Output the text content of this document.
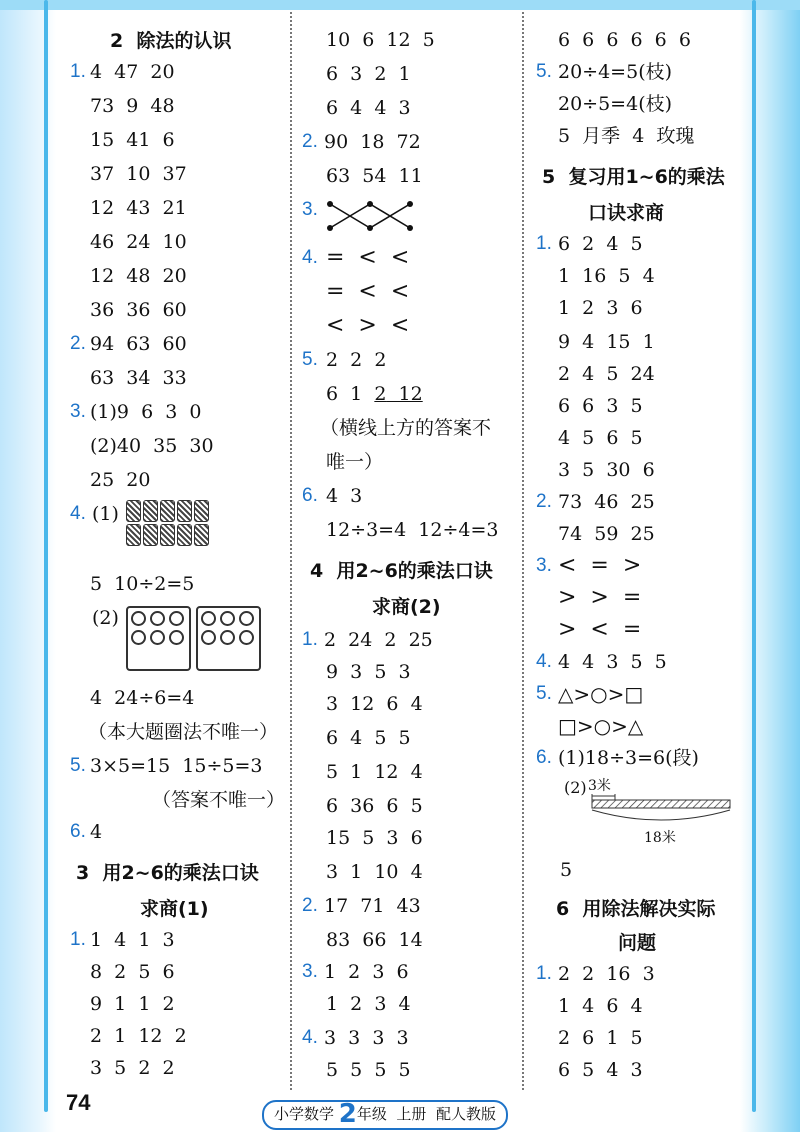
2  除法的认识
1. 4  47  20
73  9  48
15  41  6
37  10  37
12  43  21
46  24  10
12  48  20
36  36  60
2. 94  63  60
63  34  33
3. (1)9  6  3  0
(2)40  35  30
25  20
4. (1)
5  10÷2=5
(2)
4  24÷6=4
（本大题圈法不唯一）
5. 3×5=15  15÷5=3
（答案不唯一）
6. 4
3  用2~6的乘法口诀
求商(1)
1. 1  4  1  3
8  2  5  6
9  1  1  2
2  1  12  2
3  5  2  2
10  6  12  5
6  3  2  1
6  4  4  3
2. 90  18  72
63  54  11
3.
4. =  <  <
=  <  <
<  >  <
5. 2  2  2
6  1  2  12
（横线上方的答案不
唯一）
6. 4  3
12÷3=4  12÷4=3
4  用2~6的乘法口诀
求商(2)
1. 2  24  2  25
9  3  5  3
3  12  6  4
6  4  5  5
5  1  12  4
6  36  6  5
15  5  3  6
3  1  10  4
2. 17  71  43
83  66  14
3. 1  2  3  6
1  2  3  4
4. 3  3  3  3
5  5  5  5
6  6  6  6  6  6
5. 20÷4=5(枝)
20÷5=4(枝)
5  月季  4  玫瑰
5  复习用1~6的乘法
口诀求商
1. 6  2  4  5
1  16  5  4
1  2  3  6
9  4  15  1
2  4  5  24
6  6  3  5
4  5  6  5
3  5  30  6
2. 73  46  25
74  59  25
3. <  =  >
>  >  =
>  <  =
4. 4  4  3  5  5
5. △>○>□
□>○>△
6. (1)18÷3=6(段)
(2) 3米
18米
5
6  用除法解决实际
问题
1. 2  2  16  3
1  4  6  4
2  6  1  5
6  5  4  3
74	小学数学 2年级  上册  配人教版
